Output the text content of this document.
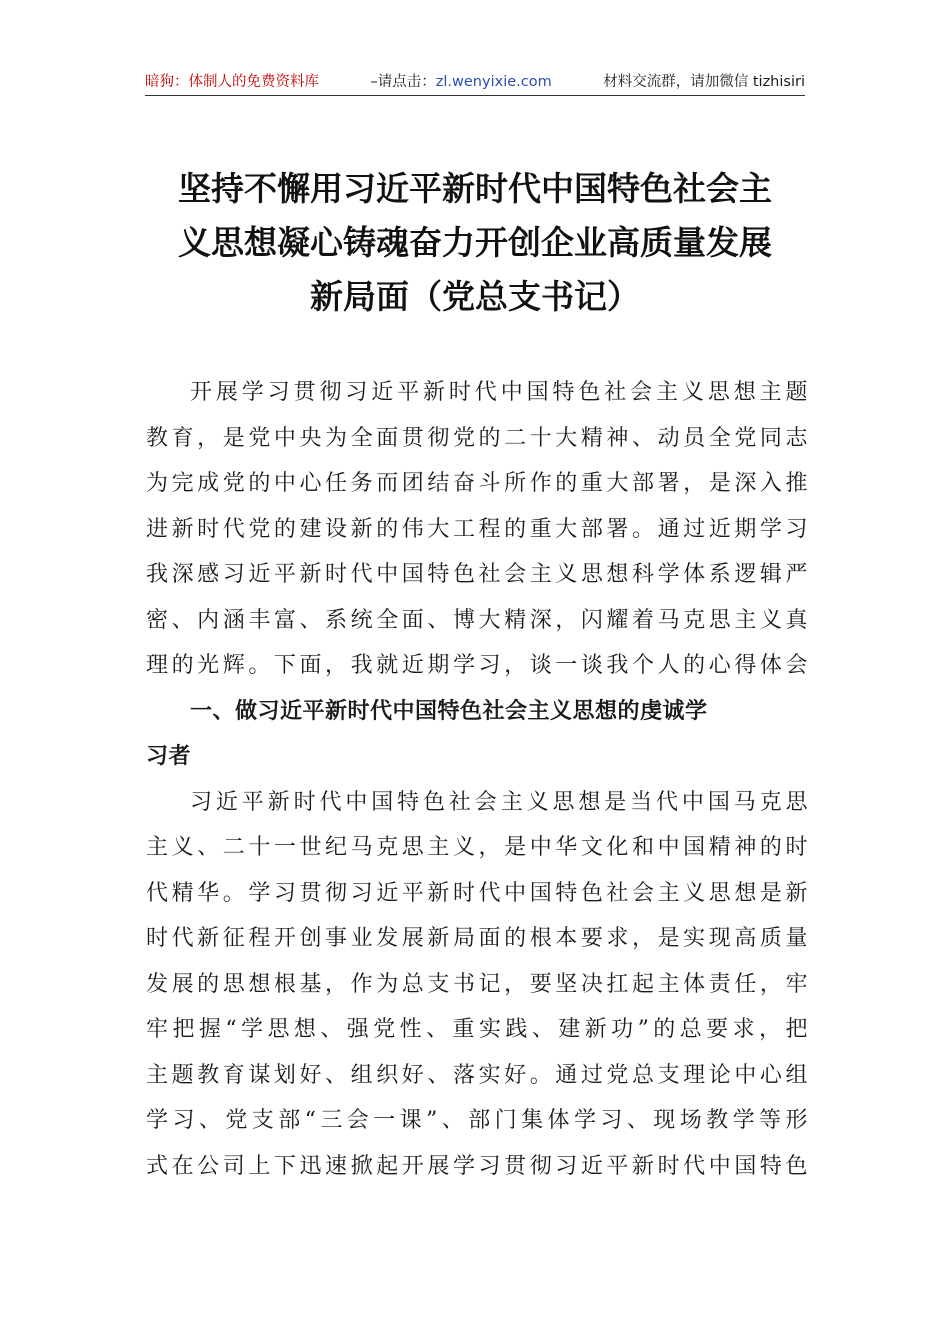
暗狗：体制人的免费资料库	–请点击：zl.wenyixie.com	材料交流群，请加微信 tizhisiri
坚持不懈用习近平新时代中国特色社会主
义思想凝心铸魂奋力开创企业高质量发展
新局面（党总支书记）
开展学习贯彻习近平新时代中国特色社会主义思想主题
教育，是党中央为全面贯彻党的二十大精神、动员全党同志
为完成党的中心任务而团结奋斗所作的重大部署，是深入推
进新时代党的建设新的伟大工程的重大部署。通过近期学习
我深感习近平新时代中国特色社会主义思想科学体系逻辑严
密、内涵丰富、系统全面、博大精深，闪耀着马克思主义真
理的光辉。下面，我就近期学习，谈一谈我个人的心得体会
一、做习近平新时代中国特色社会主义思想的虔诚学
习者
习近平新时代中国特色社会主义思想是当代中国马克思
主义、二十一世纪马克思主义，是中华文化和中国精神的时
代精华。学习贯彻习近平新时代中国特色社会主义思想是新
时代新征程开创事业发展新局面的根本要求，是实现高质量
发展的思想根基，作为总支书记，要坚决扛起主体责任，牢
牢把握“学思想、强党性、重实践、建新功”的总要求，把
主题教育谋划好、组织好、落实好。通过党总支理论中心组
学习、党支部“三会一课”、部门集体学习、现场教学等形
式在公司上下迅速掀起开展学习贯彻习近平新时代中国特色
